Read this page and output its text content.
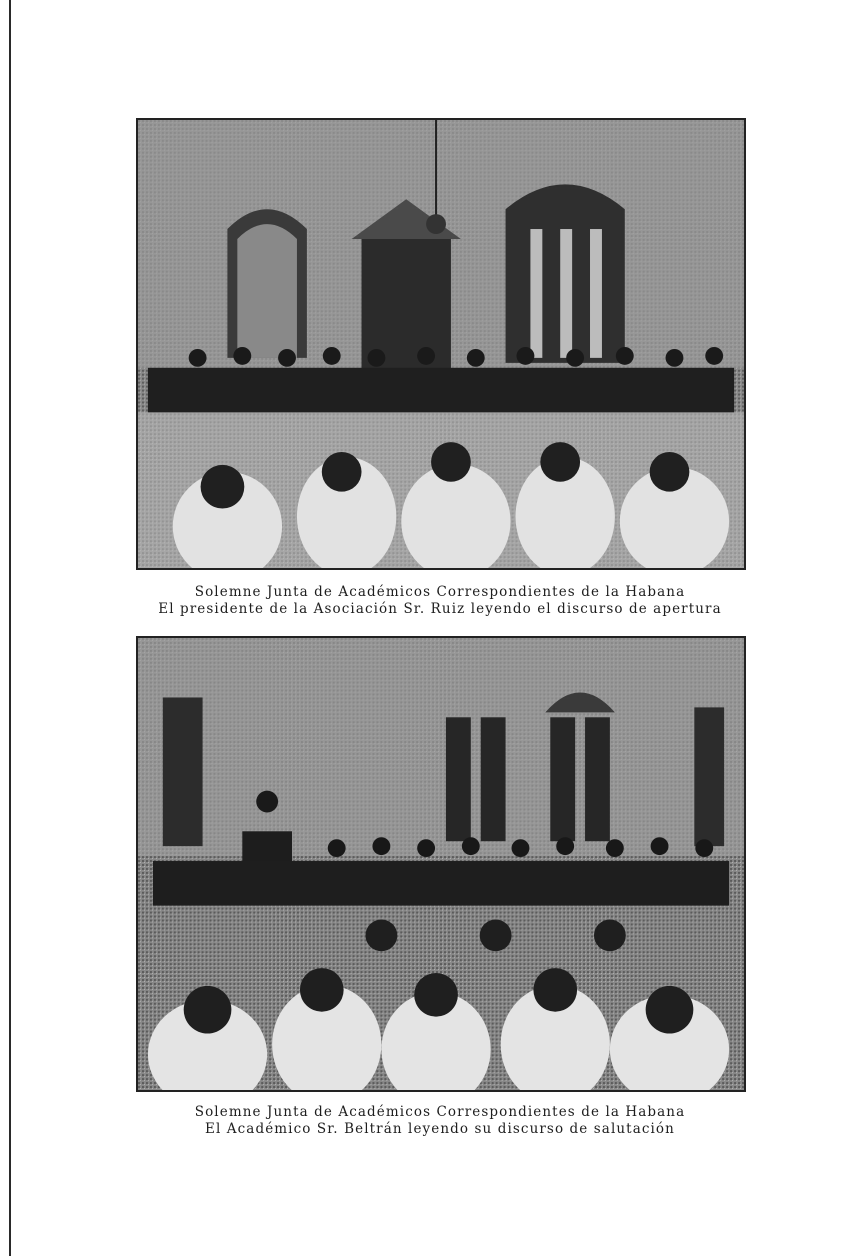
Solemne Junta de Académicos Correspondientes de la Habana
El presidente de la Asociación Sr. Ruiz leyendo el discurso de apertura
Solemne Junta de Académicos Correspondientes de la Habana
El Académico Sr. Beltrán leyendo su discurso de salutación
